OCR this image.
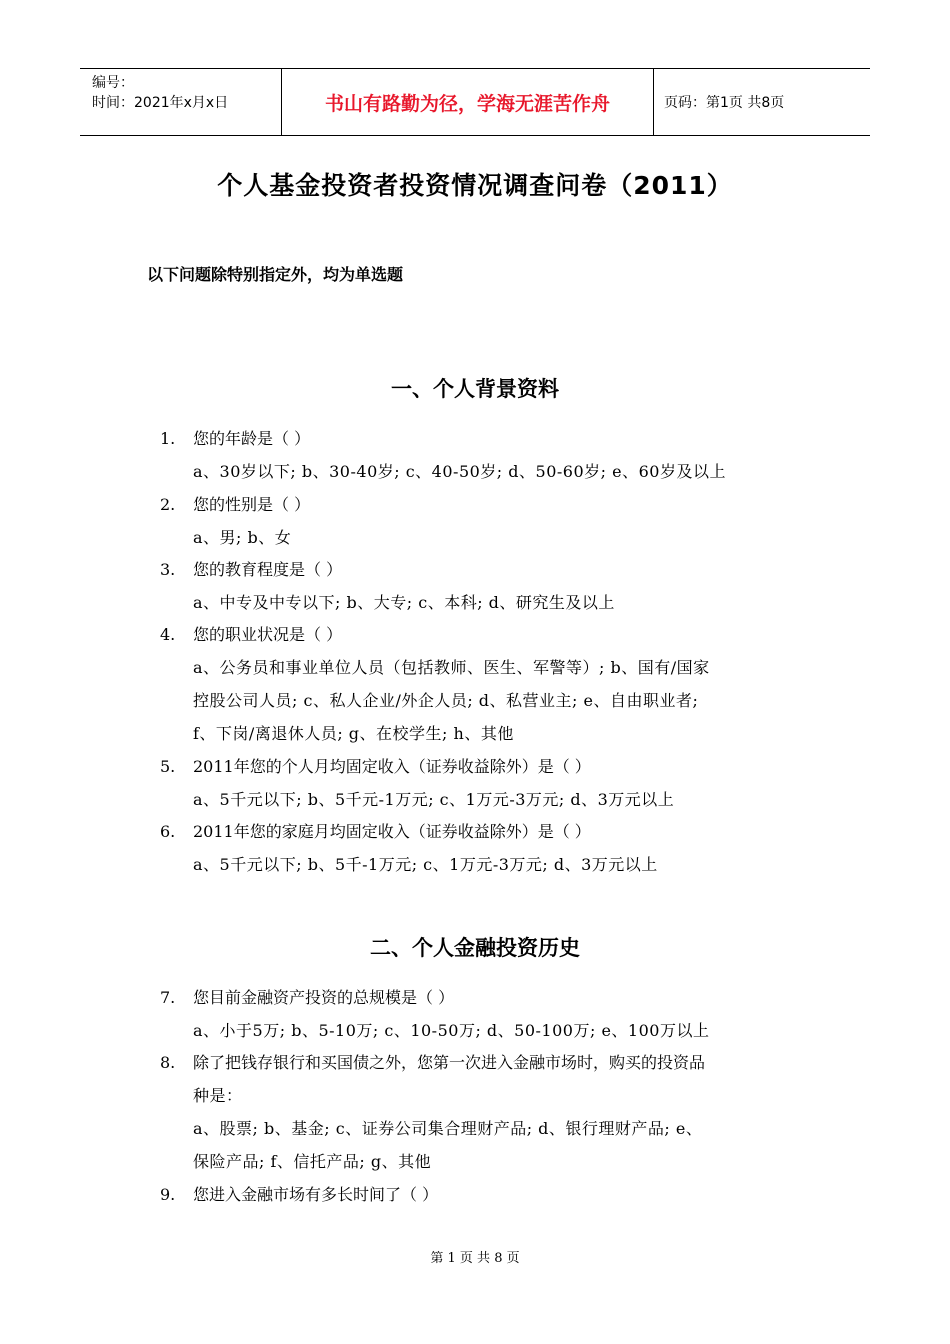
编号：
时间：2021年x月x日	书山有路勤为径，学海无涯苦作舟	页码：第1页 共8页
个人基金投资者投资情况调查问卷（2011）
以下问题除特别指定外，均为单选题
一、个人背景资料
1. 您的年龄是（ ）
a、30岁以下; b、30-40岁; c、40-50岁; d、50-60岁; e、60岁及以上
2. 您的性别是（ ）
a、男; b、女
3. 您的教育程度是（ ）
a、中专及中专以下; b、大专; c、本科; d、研究生及以上
4. 您的职业状况是（ ）
a、公务员和事业单位人员（包括教师、医生、军警等）; b、国有/国家
控股公司人员; c、私人企业/外企人员; d、私营业主; e、自由职业者;
f、下岗/离退休人员; g、在校学生; h、其他
5. 2011年您的个人月均固定收入（证券收益除外）是（ ）
a、5千元以下; b、5千元-1万元; c、1万元-3万元; d、3万元以上
6. 2011年您的家庭月均固定收入（证券收益除外）是（ ）
a、5千元以下; b、5千-1万元; c、1万元-3万元; d、3万元以上
二、个人金融投资历史
7. 您目前金融资产投资的总规模是（ ）
a、小于5万; b、5-10万; c、10-50万; d、50-100万; e、100万以上
8. 除了把钱存银行和买国债之外，您第一次进入金融市场时，购买的投资品
种是：
a、股票; b、基金; c、证券公司集合理财产品; d、银行理财产品; e、
保险产品; f、信托产品; g、其他
9. 您进入金融市场有多长时间了（ ）
第 1 页 共 8 页
